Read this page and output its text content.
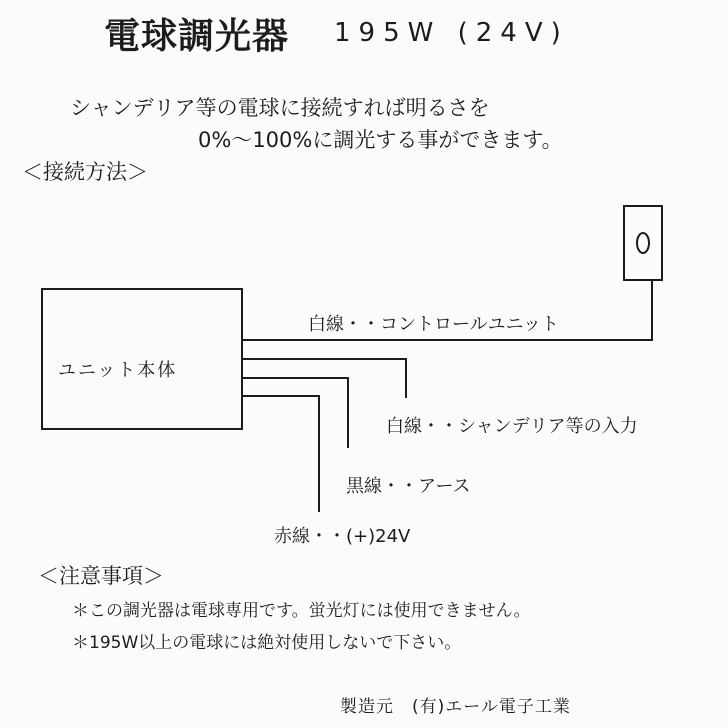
電球調光器 195W (24V)
シャンデリア等の電球に接続すれば明るさを
0%〜100%に調光する事ができます。
＜接続方法＞
ユニット本体
白線・・コントロールユニット
白線・・シャンデリア等の入力
黒線・・アース
赤線・・(+)24V
＜注意事項＞
＊この調光器は電球専用です。蛍光灯には使用できません。
＊195W以上の電球には絶対使用しないで下さい。
製造元　(有)エール電子工業
